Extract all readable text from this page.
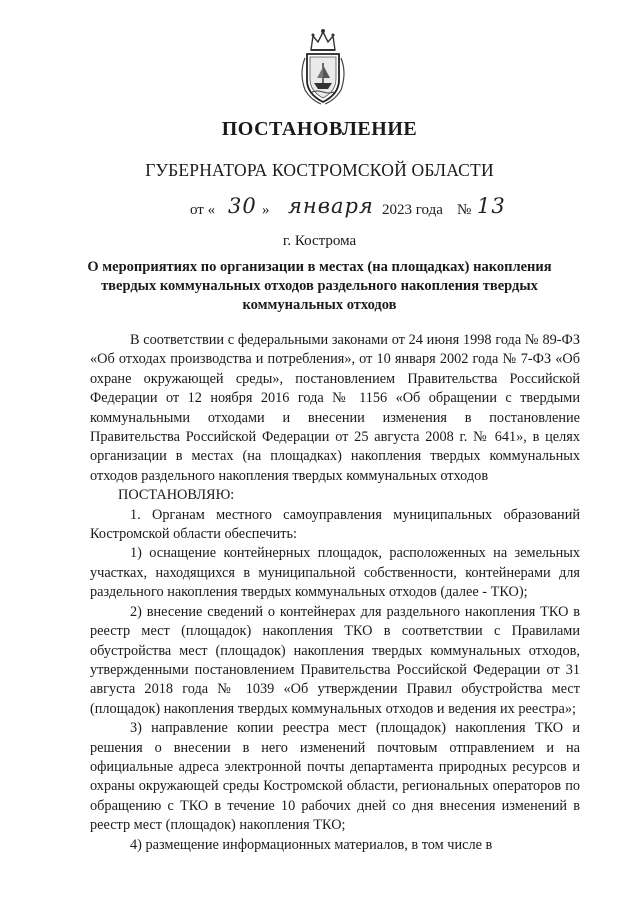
ПОСТАНОВЛЕНИЕ
ГУБЕРНАТОРА КОСТРОМСКОЙ ОБЛАСТИ
от « 30 » января 2023 года № 13
г. Кострома
О мероприятиях по организации в местах (на площадках) накопления твердых коммунальных отходов раздельного накопления твердых коммунальных отходов

В соответствии с федеральными законами от 24 июня 1998 года № 89-ФЗ «Об отходах производства и потребления», от 10 января 2002 года № 7-ФЗ «Об охране окружающей среды», постановлением Правительства Российской Федерации от 12 ноября 2016 года № 1156 «Об обращении с твердыми коммунальными отходами и внесении изменения в постановление Правительства Российской Федерации от 25 августа 2008 г. № 641», в целях организации в местах (на площадках) накопления твердых коммунальных отходов раздельного накопления твердых коммунальных отходов

ПОСТАНОВЛЯЮ:

1. Органам местного самоуправления муниципальных образований Костромской области обеспечить:

1) оснащение контейнерных площадок, расположенных на земельных участках, находящихся в муниципальной собственности, контейнерами для раздельного накопления твердых коммунальных отходов (далее - ТКО);

2) внесение сведений о контейнерах для раздельного накопления ТКО в реестр мест (площадок) накопления ТКО в соответствии с Правилами обустройства мест (площадок) накопления твердых коммунальных отходов, утвержденными постановлением Правительства Российской Федерации от 31 августа 2018 года № 1039 «Об утверждении Правил обустройства мест (площадок) накопления твердых коммунальных отходов и ведения их реестра»;

3) направление копии реестра мест (площадок) накопления ТКО и решения о внесении в него изменений почтовым отправлением и на официальные адреса электронной почты департамента природных ресурсов и охраны окружающей среды Костромской области, региональных операторов по обращению с ТКО в течение 10 рабочих дней со дня внесения изменений в реестр мест (площадок) накопления ТКО;

4) размещение информационных материалов, в том числе в
